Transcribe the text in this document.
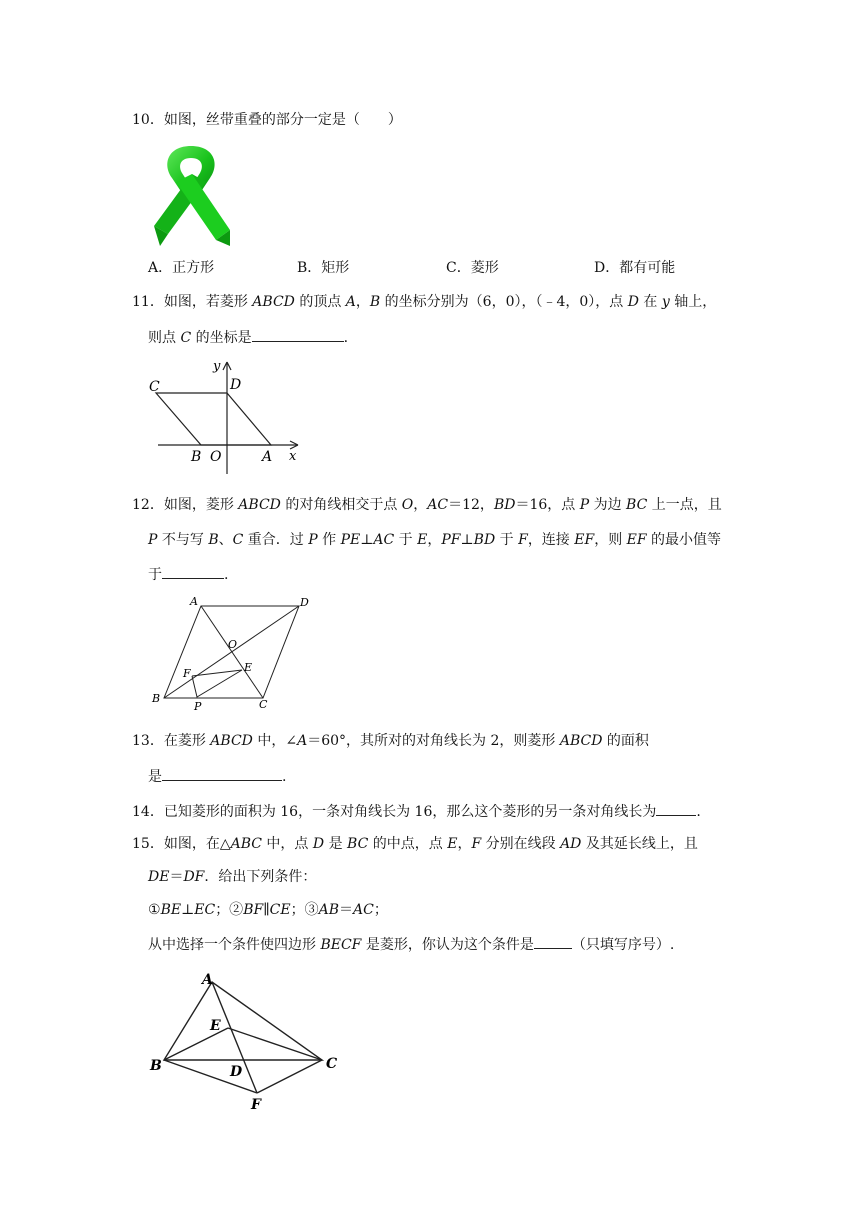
10．如图，丝带重叠的部分一定是（　　）
A．正方形	B．矩形	C．菱形	D．都有可能
11．如图，若菱形 ABCD 的顶点 A，B 的坐标分别为（6，0），（﹣4，0），点 D 在 y 轴上，
则点 C 的坐标是	.
C	D
y
B O	A x
12．如图，菱形 ABCD 的对角线相交于点 O，AC＝12，BD＝16，点 P 为边 BC 上一点，且
P 不与写 B、C 重合．过 P 作 PE⊥AC 于 E，PF⊥BD 于 F，连接 EF，则 EF 的最小值等
于	.
A	D
O
E
F
B
P	C
13．在菱形 ABCD 中，∠A＝60°，其所对的对角线长为 2，则菱形 ABCD 的面积
是	.
14．已知菱形的面积为 16，一条对角线长为 16，那么这个菱形的另一条对角线长为	.
15．如图，在△ABC 中，点 D 是 BC 的中点，点 E，F 分别在线段 AD 及其延长线上，且
DE＝DF．给出下列条件：
①BE⊥EC；②BF∥CE；③AB＝AC；
从中选择一个条件使四边形 BECF 是菱形，你认为这个条件是	（只填写序号）.
A
E
B	D	C
F
